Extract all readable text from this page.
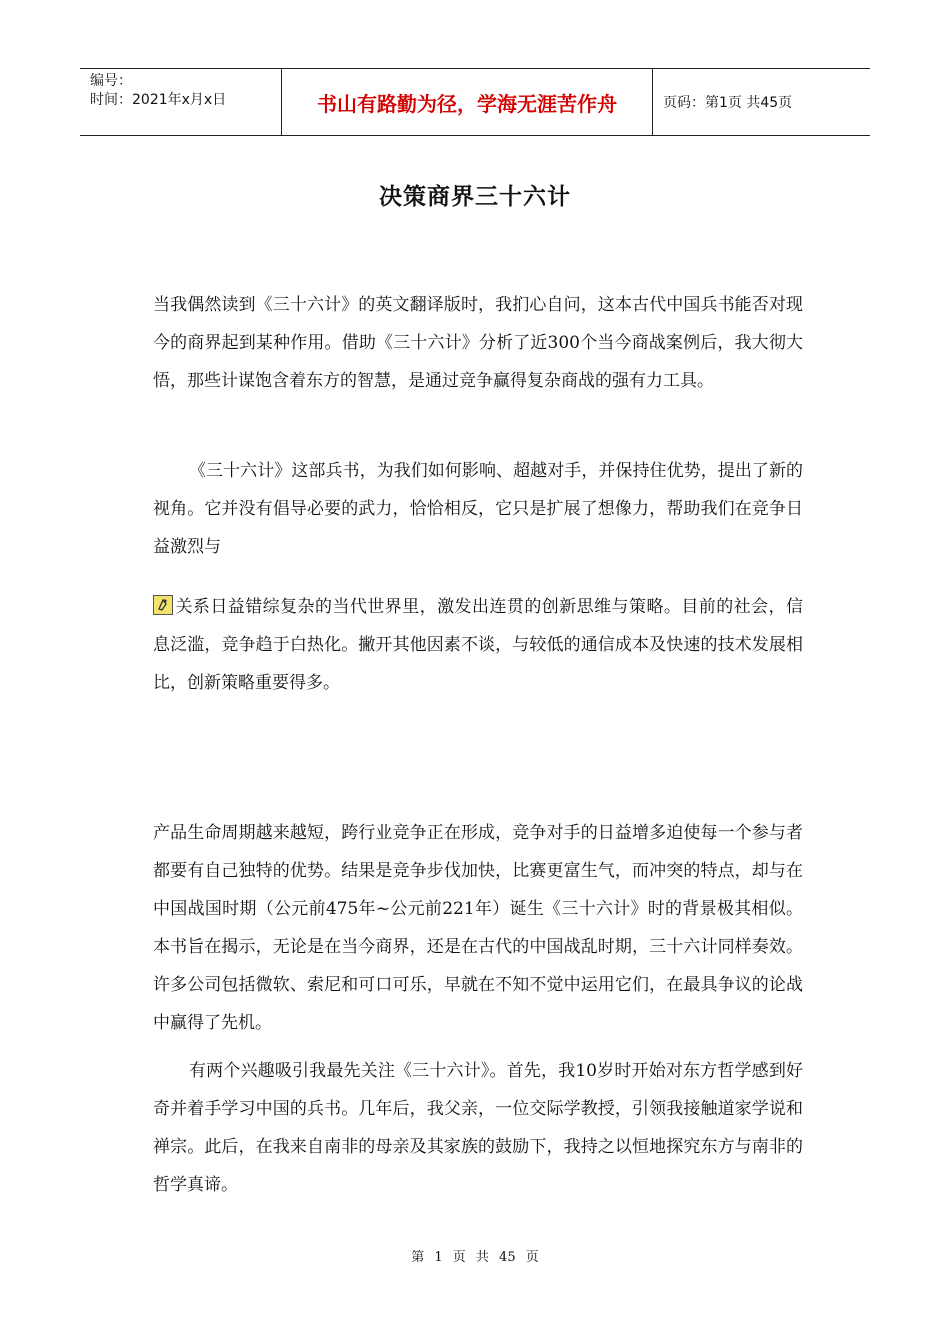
编号：
时间：2021年x月x日	书山有路勤为径，学海无涯苦作舟	页码：第1页 共45页
决策商界三十六计

当我偶然读到《三十六计》的英文翻译版时，我扪心自问，这本古代中国兵书能否对现今的商界起到某种作用。借助《三十六计》分析了近300个当今商战案例后，我大彻大悟，那些计谋饱含着东方的智慧，是通过竞争赢得复杂商战的强有力工具。

《三十六计》这部兵书，为我们如何影响、超越对手，并保持住优势，提出了新的视角。它并没有倡导必要的武力，恰恰相反，它只是扩展了想像力，帮助我们在竞争日益激烈与

关系日益错综复杂的当代世界里，激发出连贯的创新思维与策略。目前的社会，信息泛滥，竞争趋于白热化。撇开其他因素不谈，与较低的通信成本及快速的技术发展相比，创新策略重要得多。

产品生命周期越来越短，跨行业竞争正在形成，竞争对手的日益增多迫使每一个参与者都要有自己独特的优势。结果是竞争步伐加快，比赛更富生气，而冲突的特点，却与在中国战国时期（公元前475年~公元前221年）诞生《三十六计》时的背景极其相似。本书旨在揭示，无论是在当今商界，还是在古代的中国战乱时期，三十六计同样奏效。许多公司包括微软、索尼和可口可乐，早就在不知不觉中运用它们，在最具争议的论战中赢得了先机。

有两个兴趣吸引我最先关注《三十六计》。首先，我10岁时开始对东方哲学感到好奇并着手学习中国的兵书。几年后，我父亲，一位交际学教授，引领我接触道家学说和禅宗。此后，在我来自南非的母亲及其家族的鼓励下，我持之以恒地探究东方与南非的哲学真谛。

第 1 页 共 45 页
